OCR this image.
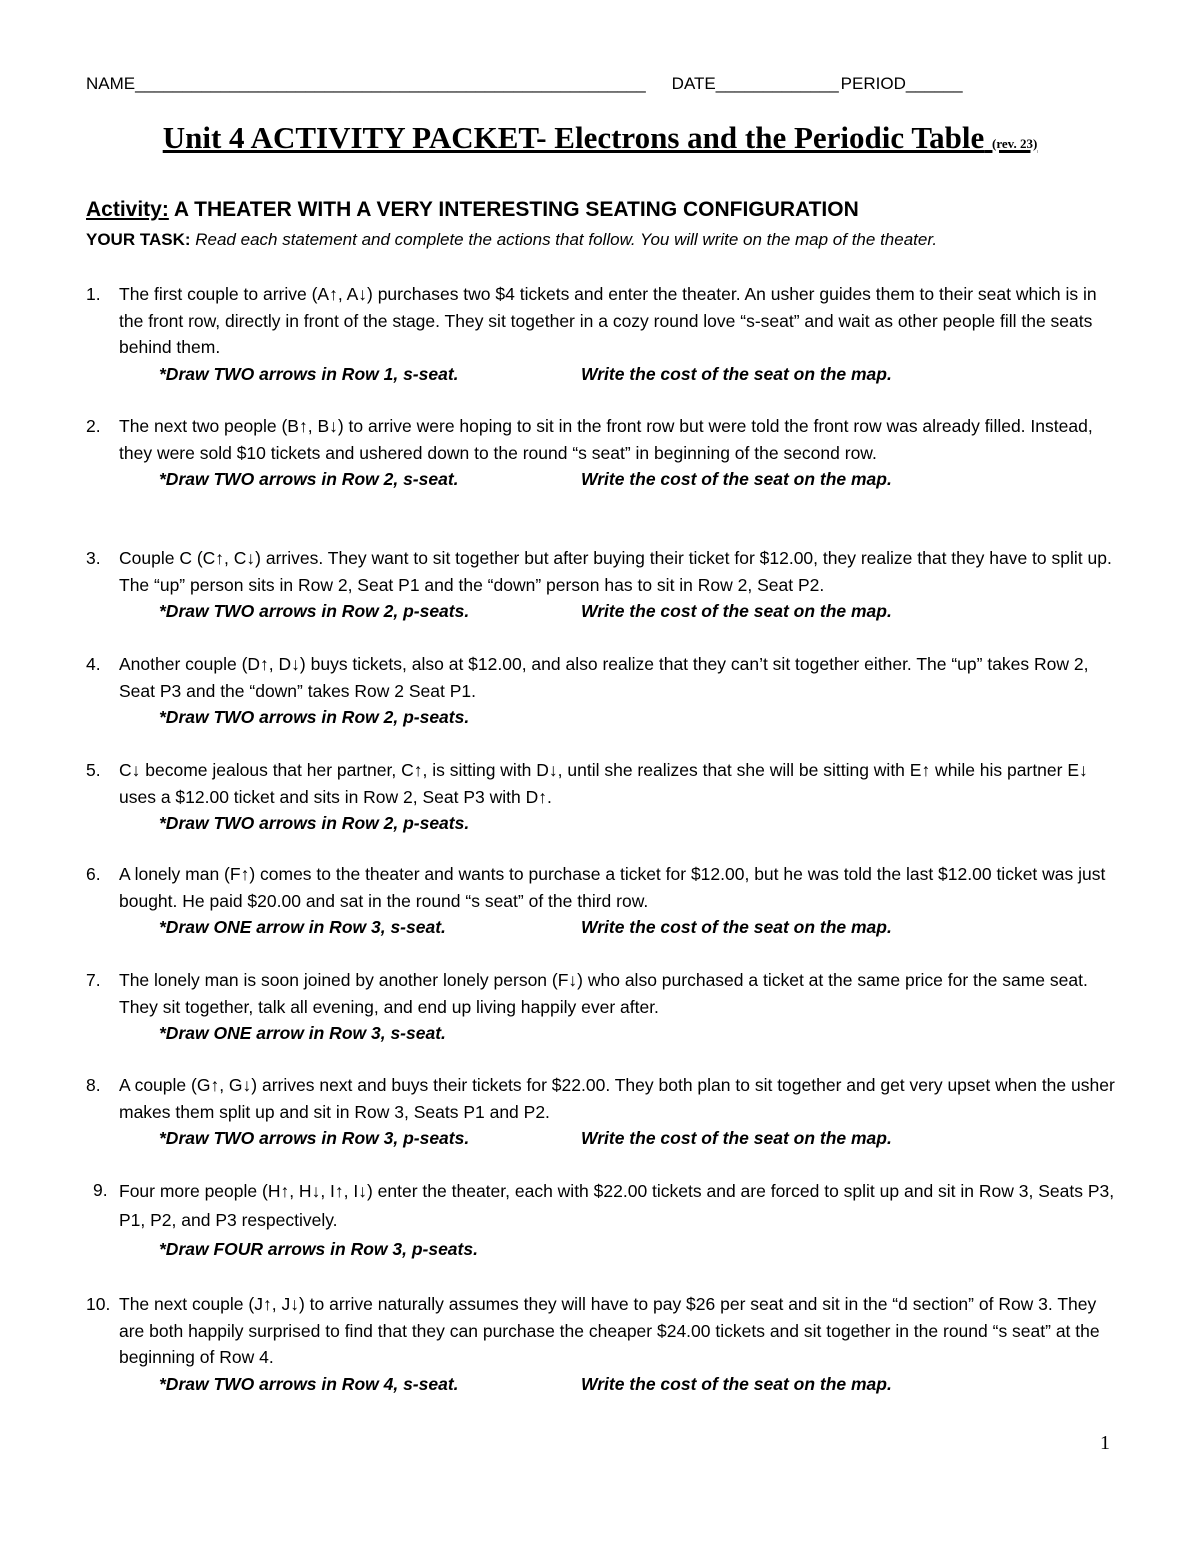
NAME______________________________________________________ DATE_____________ PERIOD______
Unit 4 ACTIVITY PACKET- Electrons and the Periodic Table (rev. 23)
Activity: A THEATER WITH A VERY INTERESTING SEATING CONFIGURATION
YOUR TASK: Read each statement and complete the actions that follow. You will write on the map of the theater.
1.	The first couple to arrive (A↑, A↓) purchases two $4 tickets and enter the theater. An usher guides them to their seat which is in the front row, directly in front of the stage. They sit together in a cozy round love “s-seat” and wait as other people fill the seats behind them.
*Draw TWO arrows in Row 1, s-seat.	Write the cost of the seat on the map.
2.	The next two people (B↑, B↓) to arrive were hoping to sit in the front row but were told the front row was already filled. Instead, they were sold $10 tickets and ushered down to the round “s seat” in beginning of the second row.
*Draw TWO arrows in Row 2, s-seat.	Write the cost of the seat on the map.
3.	Couple C (C↑, C↓) arrives. They want to sit together but after buying their ticket for $12.00, they realize that they have to split up. The “up” person sits in Row 2, Seat P1 and the “down” person has to sit in Row 2, Seat P2.
*Draw TWO arrows in Row 2, p-seats.	Write the cost of the seat on the map.
4.	Another couple (D↑, D↓) buys tickets, also at $12.00, and also realize that they can’t sit together either. The “up” takes Row 2, Seat P3 and the “down” takes Row 2 Seat P1.
*Draw TWO arrows in Row 2, p-seats.
5.	C↓ become jealous that her partner, C↑, is sitting with D↓, until she realizes that she will be sitting with E↑ while his partner E↓ uses a $12.00 ticket and sits in Row 2, Seat P3 with D↑.
*Draw TWO arrows in Row 2, p-seats.
6.	A lonely man (F↑) comes to the theater and wants to purchase a ticket for $12.00, but he was told the last $12.00 ticket was just bought. He paid $20.00 and sat in the round “s seat” of the third row.
*Draw ONE arrow in Row 3, s-seat.	Write the cost of the seat on the map.
7.	The lonely man is soon joined by another lonely person (F↓) who also purchased a ticket at the same price for the same seat. They sit together, talk all evening, and end up living happily ever after.
*Draw ONE arrow in Row 3, s-seat.
8.	A couple (G↑, G↓) arrives next and buys their tickets for $22.00. They both plan to sit together and get very upset when the usher makes them split up and sit in Row 3, Seats P1 and P2.
*Draw TWO arrows in Row 3, p-seats.	Write the cost of the seat on the map.
9. Four more people (H↑, H↓, I↑, I↓) enter the theater, each with $22.00 tickets and are forced to split up and sit in Row 3, Seats P3, P1, P2, and P3 respectively.
*Draw FOUR arrows in Row 3, p-seats.
10. The next couple (J↑, J↓) to arrive naturally assumes they will have to pay $26 per seat and sit in the “d section” of Row 3. They are both happily surprised to find that they can purchase the cheaper $24.00 tickets and sit together in the round “s seat” at the beginning of Row 4.
*Draw TWO arrows in Row 4, s-seat.	Write the cost of the seat on the map.
1
